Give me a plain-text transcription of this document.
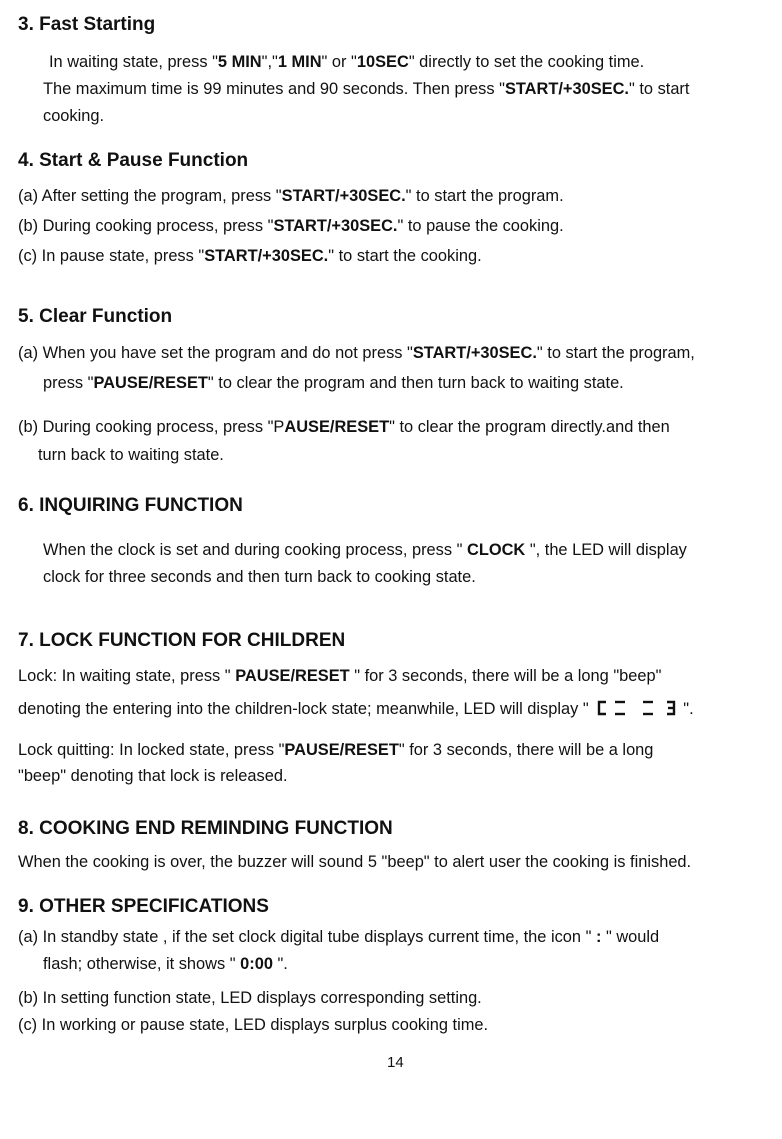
3. Fast Starting
In waiting state, press "5 MIN","1 MIN" or "10SEC" directly to set the cooking time.
The maximum time is 99 minutes and 90 seconds. Then press "START/+30SEC." to start
cooking.
4. Start & Pause Function
(a) After setting the program, press "START/+30SEC." to start the program.
(b) During cooking process, press "START/+30SEC." to pause the cooking.
(c) In pause state, press "START/+30SEC." to start the cooking.
5. Clear Function
(a) When you have set the program and do not press "START/+30SEC." to start the program,
press "PAUSE/RESET" to clear the program and then turn back to waiting state.
(b) During cooking process, press "PAUSE/RESET" to clear the program directly.and then
turn back to waiting state.
6. INQUIRING FUNCTION
When the clock is set and during cooking process, press " CLOCK ", the LED will display
clock for three seconds and then turn back to cooking state.
7. LOCK FUNCTION FOR CHILDREN
Lock: In waiting state, press " PAUSE/RESET " for 3 seconds, there will be a long "beep"
denoting the entering into the children-lock state; meanwhile, LED will display "	".
Lock quitting: In locked state, press "PAUSE/RESET" for 3 seconds, there will be a long
"beep" denoting that lock is released.
8. COOKING END REMINDING FUNCTION
When the cooking is over, the buzzer will sound 5 "beep" to alert user the cooking is finished.
9. OTHER SPECIFICATIONS
(a) In standby state , if the set clock digital tube displays current time, the icon " : " would
flash; otherwise, it shows " 0:00 ".
(b) In setting function state, LED displays corresponding setting.
(c) In working or pause state, LED displays surplus cooking time.
14
